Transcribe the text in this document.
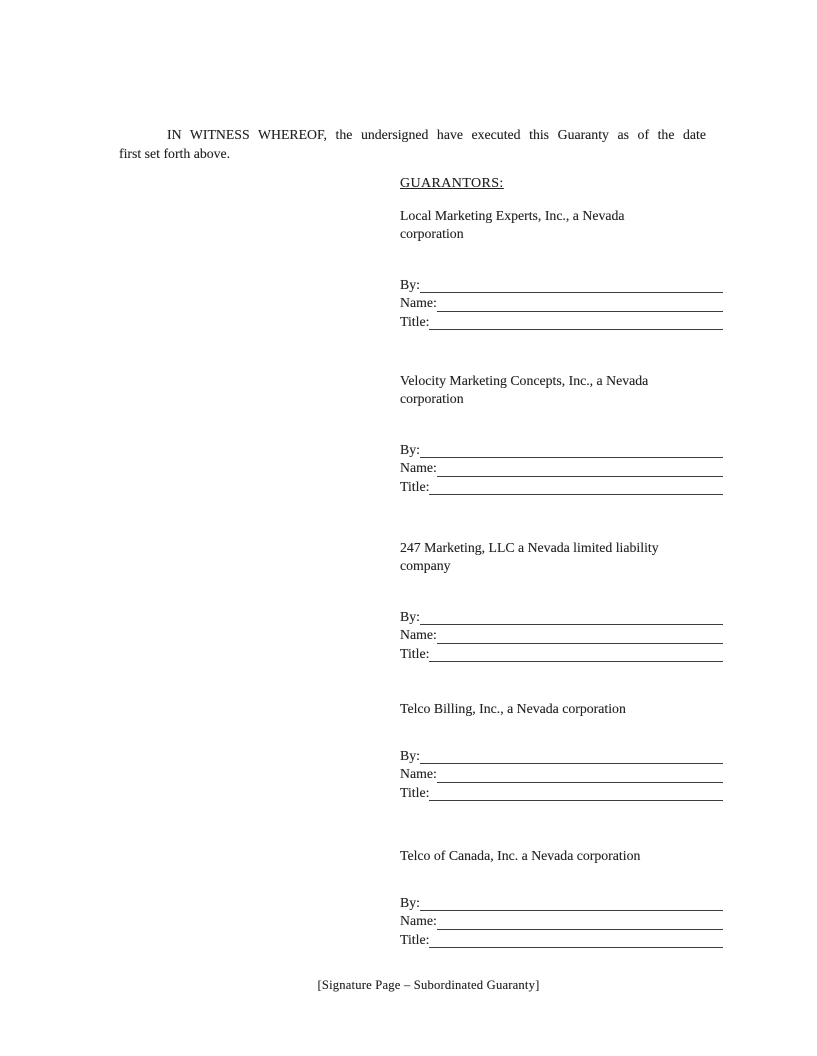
IN WITNESS WHEREOF, the undersigned have executed this Guaranty as of the date
first set forth above.
GUARANTORS:
Local Marketing Experts, Inc., a Nevada
corporation
By:
Name:
Title:
Velocity Marketing Concepts, Inc., a Nevada
corporation
By:
Name:
Title:
247 Marketing, LLC a Nevada limited liability
company
By:
Name:
Title:
Telco Billing, Inc., a Nevada corporation
By:
Name:
Title:
Telco of Canada, Inc. a Nevada corporation
By:
Name:
Title:
[Signature Page – Subordinated Guaranty]
